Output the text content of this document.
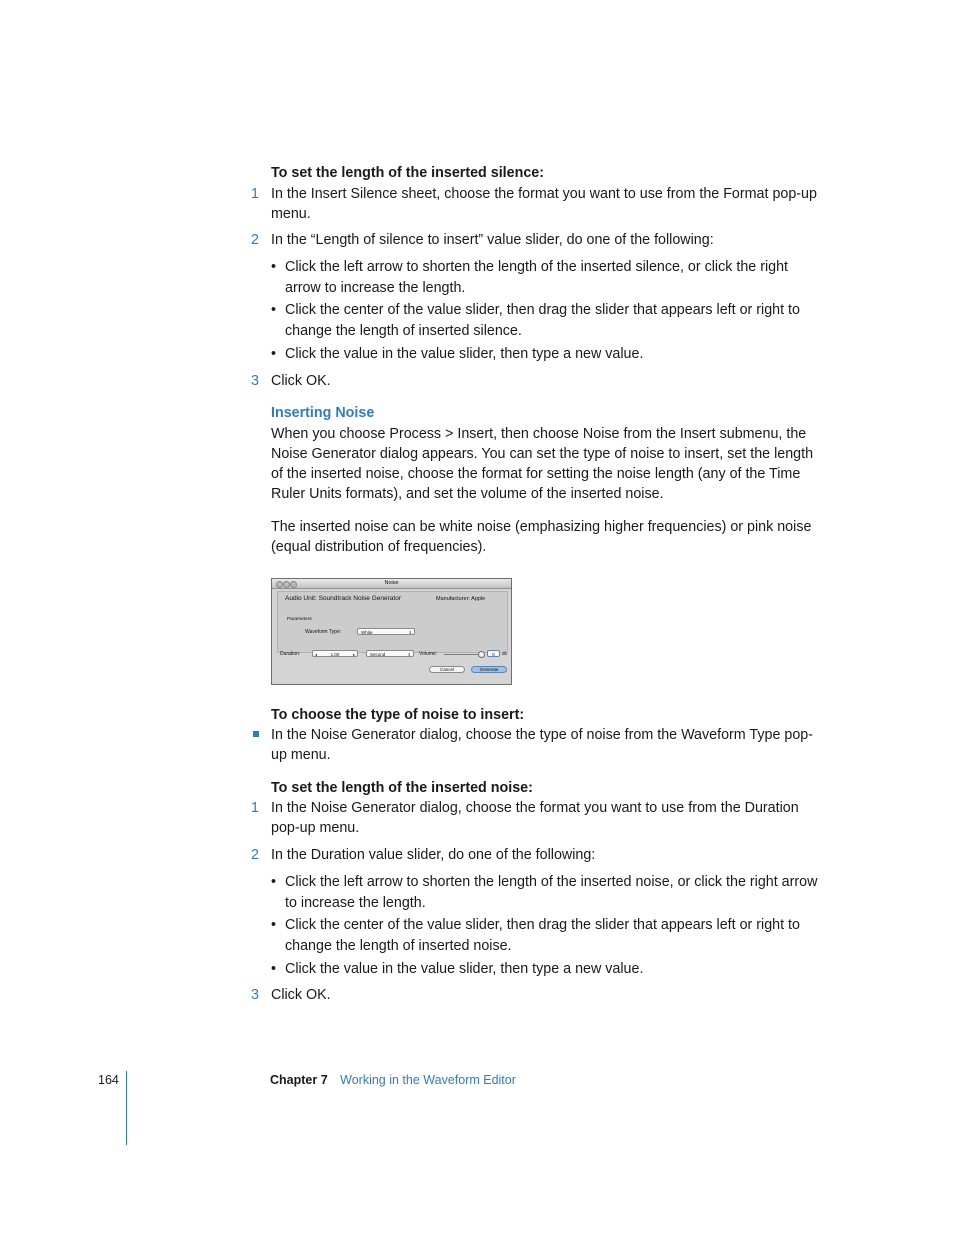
To set the length of the inserted silence:
1 In the Insert Silence sheet, choose the format you want to use from the Format pop-up menu.
2 In the “Length of silence to insert” value slider, do one of the following:
• Click the left arrow to shorten the length of the inserted silence, or click the right arrow to increase the length.
• Click the center of the value slider, then drag the slider that appears left or right to change the length of inserted silence.
• Click the value in the value slider, then type a new value.
3 Click OK.
Inserting Noise
When you choose Process > Insert, then choose Noise from the Insert submenu, the Noise Generator dialog appears. You can set the type of noise to insert, set the length of the inserted noise, choose the format for setting the noise length (any of the Time Ruler Units formats), and set the volume of the inserted noise.
The inserted noise can be white noise (emphasizing higher frequencies) or pink noise (equal distribution of frequencies).
Noise
Audio Unit: Soundtrack Noise Generator	Manufacturer: Apple
Parameters
Waveform Type:	White	⇕
Duration:	◂	1.00	▸	Second	⇕ Volume:	0	db
Cancel	Generate
To choose the type of noise to insert:
In the Noise Generator dialog, choose the type of noise from the Waveform Type pop-up menu.
To set the length of the inserted noise:
1 In the Noise Generator dialog, choose the format you want to use from the Duration pop-up menu.
2 In the Duration value slider, do one of the following:
• Click the left arrow to shorten the length of the inserted noise, or click the right arrow to increase the length.
• Click the center of the value slider, then drag the slider that appears left or right to change the length of inserted noise.
• Click the value in the value slider, then type a new value.
3 Click OK.
164	Chapter 7 Working in the Waveform Editor
